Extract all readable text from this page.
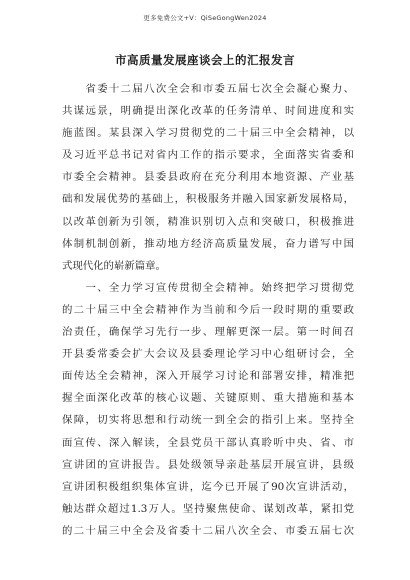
更多免费公文+V：QiSeGongWen2024
市高质量发展座谈会上的汇报发言
　　省委十二届八次全会和市委五届七次全会凝心聚力、
共谋远景，明确提出深化改革的任务清单、时间进度和实
施蓝图。某县深入学习贯彻党的二十届三中全会精神，以
及习近平总书记对省内工作的指示要求，全面落实省委和
市委全会精神。县委县政府在充分利用本地资源、产业基
础和发展优势的基础上，积极服务并融入国家新发展格局，
以改革创新为引领，精准识别切入点和突破口，积极推进
体制机制创新，推动地方经济高质量发展，奋力谱写中国
式现代化的崭新篇章。
　　一、全力学习宣传贯彻全会精神。始终把学习贯彻党
的二十届三中全会精神作为当前和今后一段时期的重要政
治责任，确保学习先行一步、理解更深一层。第一时间召
开县委常委会扩大会议及县委理论学习中心组研讨会，全
面传达全会精神，深入开展学习讨论和部署安排，精准把
握全面深化改革的核心议题、关键原则、重大措施和基本
保障，切实将思想和行动统一到全会的指引上来。坚持全
面宣传、深入解读，全县党员干部认真聆听中央、省、市
宣讲团的宣讲报告。县处级领导亲赴基层开展宣讲，县级
宣讲团积极组织集体宣讲，迄今已开展了90次宣讲活动，
触达群众超过1.3万人。坚持聚焦使命、谋划改革，紧扣党
的二十届三中全会及省委十二届八次全会、市委五届七次
